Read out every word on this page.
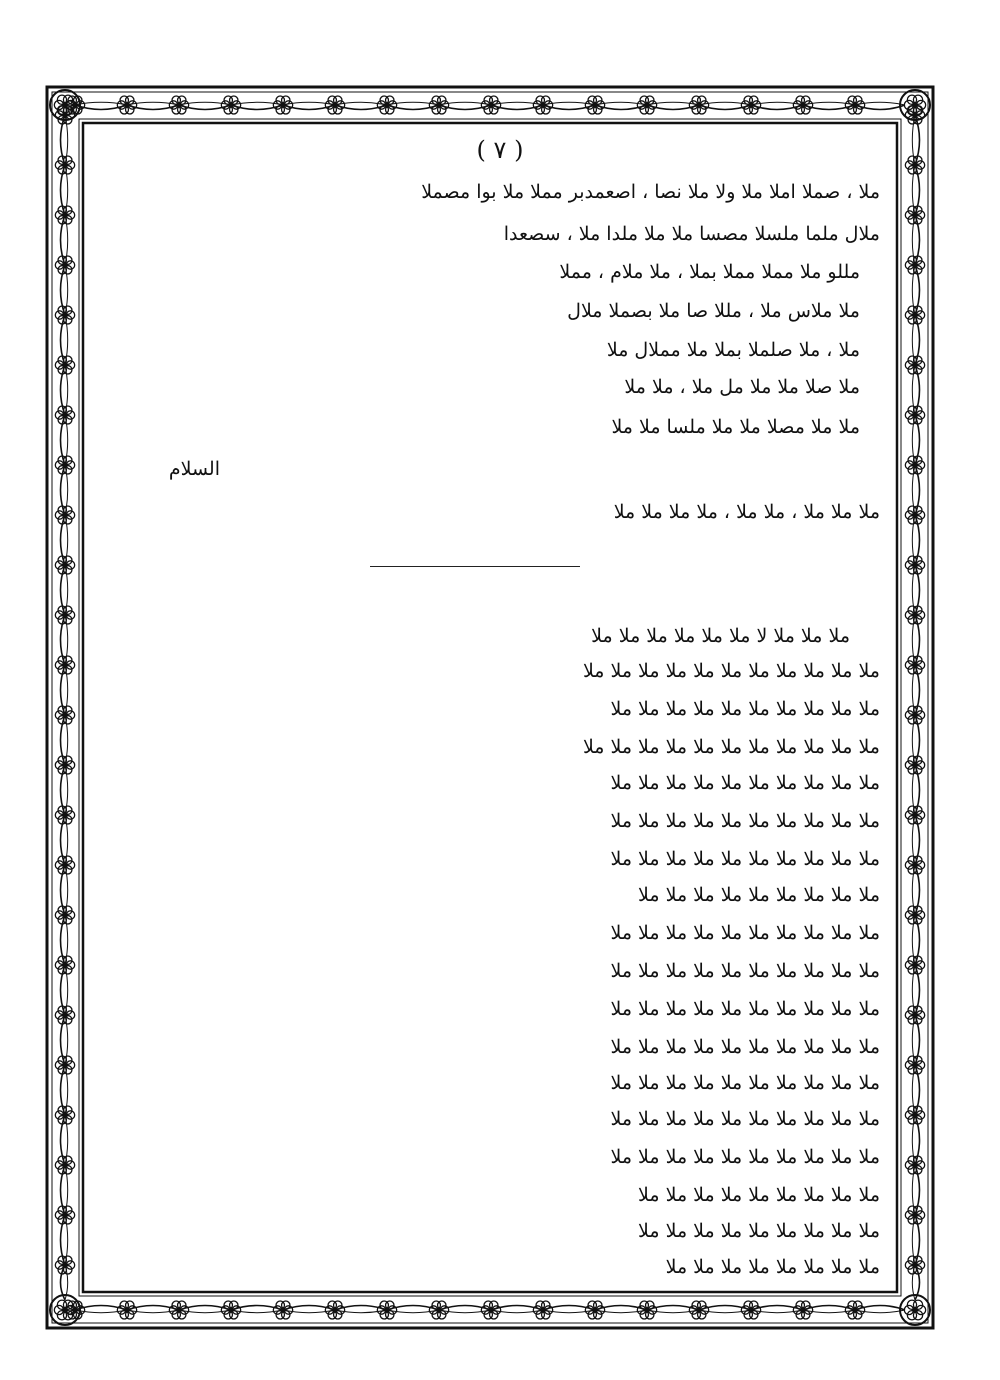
( ٧ )
ملا ، صملا املا ملا ولا ملا نصا ، اصعمدبر مملا ملا بوا مصملا
ملال ملما ملسلا مصسا ملا ملا ملدا ملا ، سصعدا
مللو ملا مملا مملا بملا ، ملا ملام ، مملا
ملا ملاس ملا ، مللا صا ملا بصملا ملال
ملا ، ملا صلملا بملا ملا مملال ملا
ملا صلا ملا ملا مل ملا ، ملا ملا
ملا ملا مصلا ملا ملا ملسا ملا ملا
السلام
ملا ملا ملا ، ملا ملا ، ملا ملا ملا ملا
ملا ملا ملا لا ملا ملا ملا ملا ملا ملا
ملا ملا ملا ملا ملا ملا ملا ملا ملا ملا ملا
ملا ملا ملا ملا ملا ملا ملا ملا ملا ملا
ملا ملا ملا ملا ملا ملا ملا ملا ملا ملا ملا
ملا ملا ملا ملا ملا ملا ملا ملا ملا ملا
ملا ملا ملا ملا ملا ملا ملا ملا ملا ملا
ملا ملا ملا ملا ملا ملا ملا ملا ملا ملا
ملا ملا ملا ملا ملا ملا ملا ملا ملا
ملا ملا ملا ملا ملا ملا ملا ملا ملا ملا
ملا ملا ملا ملا ملا ملا ملا ملا ملا ملا
ملا ملا ملا ملا ملا ملا ملا ملا ملا ملا
ملا ملا ملا ملا ملا ملا ملا ملا ملا ملا
ملا ملا ملا ملا ملا ملا ملا ملا ملا ملا
ملا ملا ملا ملا ملا ملا ملا ملا ملا ملا
ملا ملا ملا ملا ملا ملا ملا ملا ملا ملا
ملا ملا ملا ملا ملا ملا ملا ملا ملا
ملا ملا ملا ملا ملا ملا ملا ملا ملا
ملا ملا ملا ملا ملا ملا ملا ملا
